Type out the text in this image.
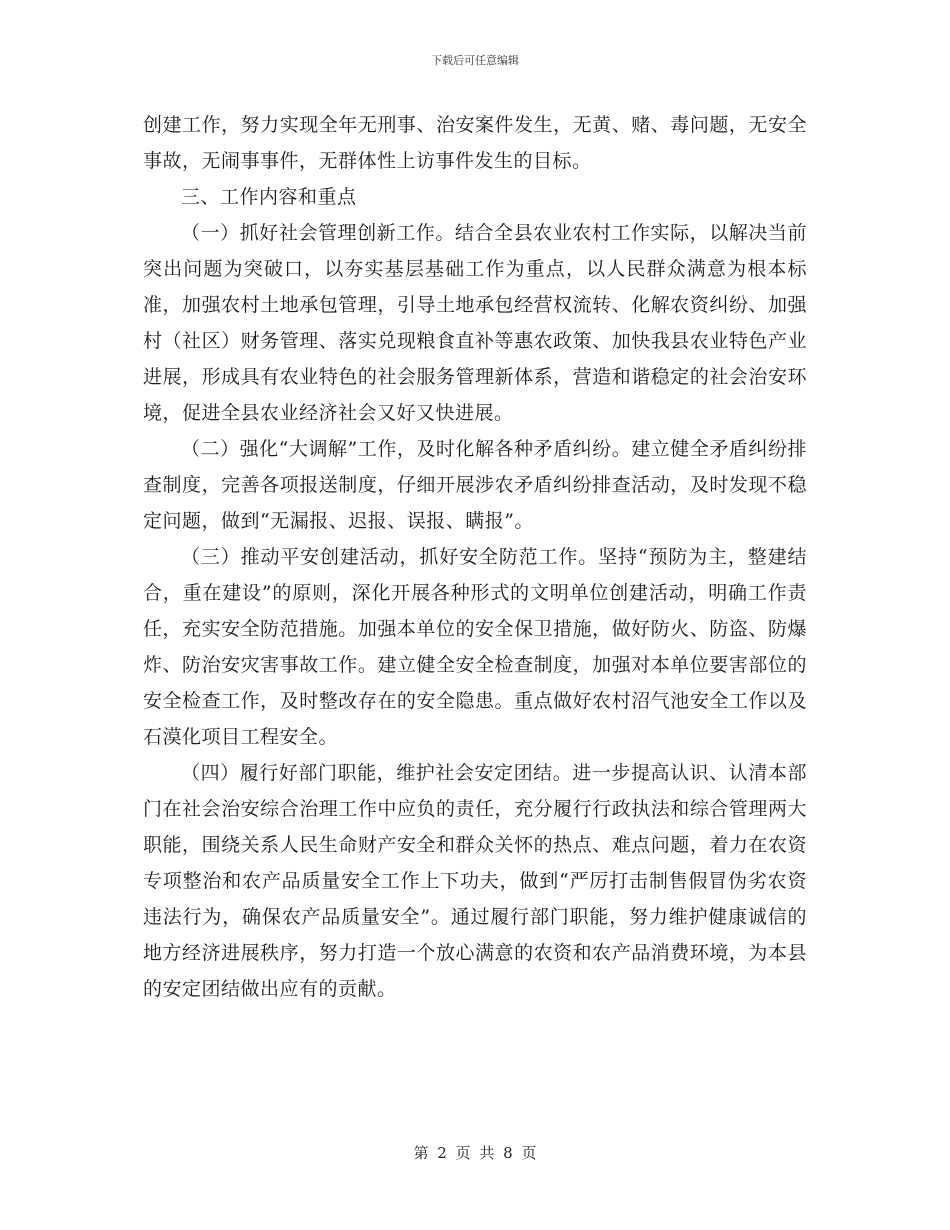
下载后可任意编辑

创建工作，努力实现全年无刑事、治安案件发生，无黄、赌、毒问题，无安全事故，无闹事事件，无群体性上访事件发生的目标。

三、工作内容和重点

（一）抓好社会管理创新工作。结合全县农业农村工作实际，以解决当前突出问题为突破口，以夯实基层基础工作为重点，以人民群众满意为根本标准，加强农村土地承包管理，引导土地承包经营权流转、化解农资纠纷、加强村（社区）财务管理、落实兑现粮食直补等惠农政策、加快我县农业特色产业进展，形成具有农业特色的社会服务管理新体系，营造和谐稳定的社会治安环境，促进全县农业经济社会又好又快进展。

（二）强化“大调解”工作，及时化解各种矛盾纠纷。建立健全矛盾纠纷排查制度，完善各项报送制度，仔细开展涉农矛盾纠纷排查活动，及时发现不稳定问题，做到“无漏报、迟报、误报、瞒报”。

（三）推动平安创建活动，抓好安全防范工作。坚持“预防为主，整建结合，重在建设”的原则，深化开展各种形式的文明单位创建活动，明确工作责任，充实安全防范措施。加强本单位的安全保卫措施，做好防火、防盗、防爆炸、防治安灾害事故工作。建立健全安全检查制度，加强对本单位要害部位的安全检查工作，及时整改存在的安全隐患。重点做好农村沼气池安全工作以及石漠化项目工程安全。

（四）履行好部门职能，维护社会安定团结。进一步提高认识、认清本部门在社会治安综合治理工作中应负的责任，充分履行行政执法和综合管理两大职能，围绕关系人民生命财产安全和群众关怀的热点、难点问题，着力在农资专项整治和农产品质量安全工作上下功夫，做到“严厉打击制售假冒伪劣农资违法行为，确保农产品质量安全”。通过履行部门职能，努力维护健康诚信的地方经济进展秩序，努力打造一个放心满意的农资和农产品消费环境，为本县的安定团结做出应有的贡献。

第 2 页 共 8 页
